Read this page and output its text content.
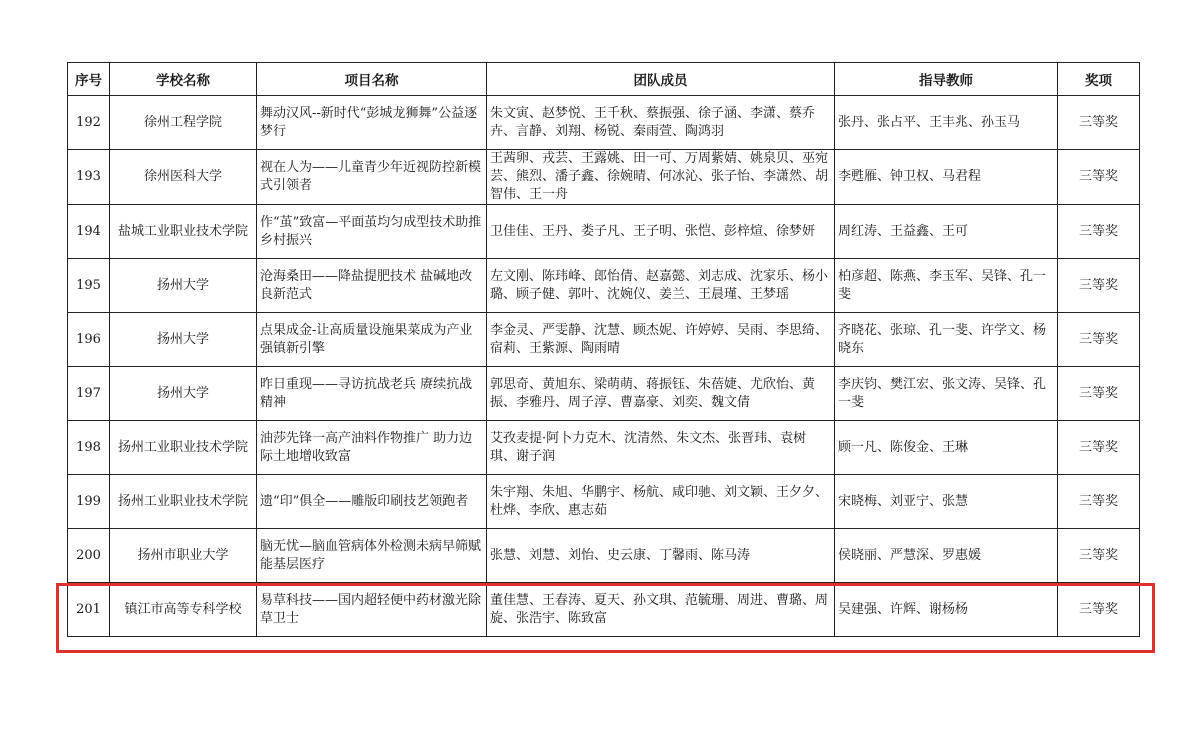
序号	学校名称	项目名称	团队成员	指导教师	奖项

192	徐州工程学院	舞动汉风--新时代“彭城龙狮舞”公益逐梦行	朱文寅、赵梦悦、王千秋、蔡振强、徐子涵、李潇、蔡乔卉、言静、刘翔、杨锐、秦雨萱、陶鸿羽	张丹、张占平、王丰兆、孙玉马	三等奖

193	徐州医科大学	视在人为——儿童青少年近视防控新模式引领者	王茜卵、戎芸、王露姚、田一可、万周紫婧、姚泉贝、巫宛芸、熊烈、潘子鑫、徐婉晴、何冰沁、张子怡、李潇然、胡智伟、王一舟	李甦雁、钟卫权、马君程	三等奖

194	盐城工业职业技术学院	作“茧”致富—平面茧均匀成型技术助推乡村振兴	卫佳佳、王丹、娄子凡、王子明、张恺、彭梓煊、徐梦妍	周红涛、王益鑫、王可	三等奖

195	扬州大学	沧海桑田——降盐提肥技术 盐碱地改良新范式	左文刚、陈玮峰、郎怡倩、赵嘉懿、刘志成、沈家乐、杨小璐、顾子健、郭叶、沈婉仪、姜兰、王晨瑾、王梦瑶	柏彦超、陈燕、李玉军、吴锋、孔一斐	三等奖

196	扬州大学	点果成金-让高质量设施果菜成为产业强镇新引擎	李金灵、严雯静、沈慧、顾杰妮、许婷婷、吴雨、李思绮、宿莉、王紫源、陶雨晴	齐晓花、张琼、孔一斐、许学文、杨晓东	三等奖

197	扬州大学	昨日重现——寻访抗战老兵 赓续抗战精神	郭思奇、黄旭东、梁萌萌、蒋振钰、朱蓓婕、尤欣怡、黄振、李雅丹、周子淳、曹嘉豪、刘奕、魏文倩	李庆钧、樊江宏、张文涛、吴锋、孔一斐	三等奖

198	扬州工业职业技术学院	油莎先锋一高产油料作物推广 助力边际土地增收致富	艾孜麦提·阿卜力克木、沈清然、朱文杰、张晋玮、袁树琪、谢子润	顾一凡、陈俊金、王琳	三等奖

199	扬州工业职业技术学院	遗“印”俱全——雕版印刷技艺领跑者	朱宇翔、朱旭、华鹏宇、杨航、咸印驰、刘文颖、王夕夕、杜烨、李欣、惠志茹	宋晓梅、刘亚宁、张慧	三等奖

200	扬州市职业大学	脑无忧—脑血管病体外检测未病早筛赋能基层医疗	张慧、刘慧、刘怡、史云康、丁馨雨、陈马涛	侯晓丽、严慧深、罗惠媛	三等奖

201	镇江市高等专科学校	易草科技——国内超轻便中药材激光除草卫士	董佳慧、王春涛、夏天、孙文琪、范毓珊、周进、曹璐、周旋、张浩宇、陈致富	吴建强、许辉、谢杨杨	三等奖
